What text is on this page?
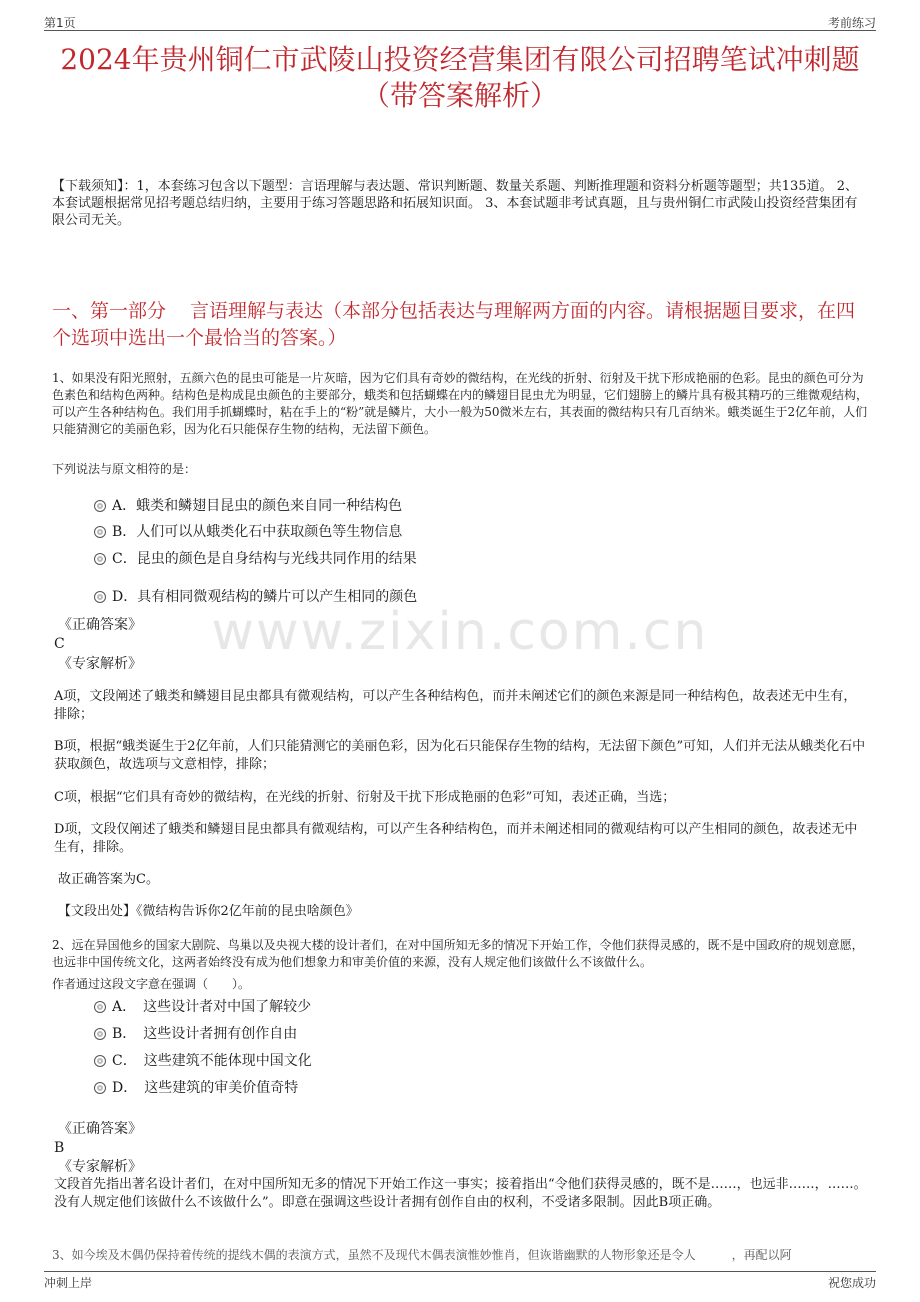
第1页	考前练习
2024年贵州铜仁市武陵山投资经营集团有限公司招聘笔试冲刺题（带答案解析）
【下载须知】：1，本套练习包含以下题型：言语理解与表达题、常识判断题、数量关系题、判断推理题和资料分析题等题型；共135道。 2、本套试题根据常见招考题总结归纳，主要用于练习答题思路和拓展知识面。 3、本套试题非考试真题，且与贵州铜仁市武陵山投资经营集团有限公司无关。
一、第一部分 言语理解与表达（本部分包括表达与理解两方面的内容。请根据题目要求，在四个选项中选出一个最恰当的答案。）
1、如果没有阳光照射，五颜六色的昆虫可能是一片灰暗，因为它们具有奇妙的微结构，在光线的折射、衍射及干扰下形成艳丽的色彩。昆虫的颜色可分为色素色和结构色两种。结构色是构成昆虫颜色的主要部分，蛾类和包括蝴蝶在内的鳞翅目昆虫尤为明显，它们翅膀上的鳞片具有极其精巧的三维微观结构，可以产生各种结构色。我们用手抓蝴蝶时，粘在手上的“粉”就是鳞片，大小一般为50微米左右，其表面的微结构只有几百纳米。蛾类诞生于2亿年前，人们只能猜测它的美丽色彩，因为化石只能保存生物的结构，无法留下颜色。
下列说法与原文相符的是：
A．蛾类和鳞翅目昆虫的颜色来自同一种结构色
B．人们可以从蛾类化石中获取颜色等生物信息
C．昆虫的颜色是自身结构与光线共同作用的结果
D．具有相同微观结构的鳞片可以产生相同的颜色
《正确答案》
C
《专家解析》
A项，文段阐述了蛾类和鳞翅目昆虫都具有微观结构，可以产生各种结构色，而并未阐述它们的颜色来源是同一种结构色，故表述无中生有，排除；
B项，根据“蛾类诞生于2亿年前，人们只能猜测它的美丽色彩，因为化石只能保存生物的结构，无法留下颜色”可知，人们并无法从蛾类化石中获取颜色，故选项与文意相悖，排除；
C项，根据“它们具有奇妙的微结构，在光线的折射、衍射及干扰下形成艳丽的色彩”可知，表述正确，当选；
D项，文段仅阐述了蛾类和鳞翅目昆虫都具有微观结构，可以产生各种结构色，而并未阐述相同的微观结构可以产生相同的颜色，故表述无中生有，排除。
故正确答案为C。
【文段出处】《微结构告诉你2亿年前的昆虫啥颜色》
www.zixin.com.cn
2、远在异国他乡的国家大剧院、鸟巢以及央视大楼的设计者们，在对中国所知无多的情况下开始工作，令他们获得灵感的，既不是中国政府的规划意愿，也远非中国传统文化，这两者始终没有成为他们想象力和审美价值的来源，没有人规定他们该做什么不该做什么。
作者通过这段文字意在强调（　　）。
A．　这些设计者对中国了解较少
B．　这些设计者拥有创作自由
C．　这些建筑不能体现中国文化
D．　这些建筑的审美价值奇特
《正确答案》
B
《专家解析》
文段首先指出著名设计者们，在对中国所知无多的情况下开始工作这一事实；接着指出“令他们获得灵感的，既不是……，也远非……，……。没有人规定他们该做什么不该做什么”。即意在强调这些设计者拥有创作自由的权利，不受诸多限制。因此B项正确。
3、如今埃及木偶仍保持着传统的提线木偶的表演方式，虽然不及现代木偶表演惟妙惟肖，但诙谐幽默的人物形象还是令人　　　，再配以阿
冲刺上岸	祝您成功
